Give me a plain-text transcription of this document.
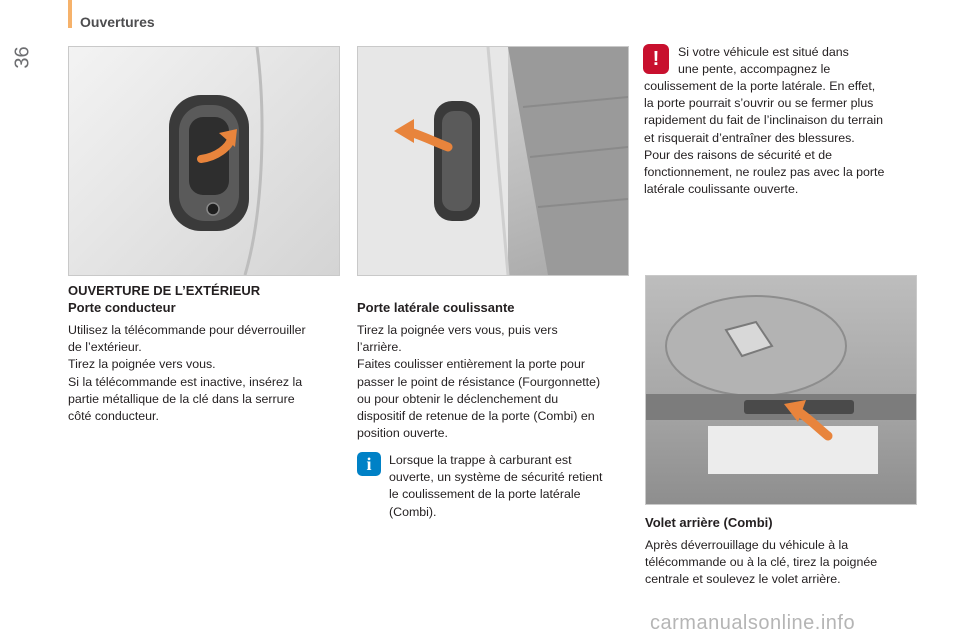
36
Ouvertures
OUVERTURE DE L’EXTÉRIEUR
Porte conducteur
Utilisez la télécommande pour déverrouiller
de l’extérieur.
Tirez la poignée vers vous.
Si la télécommande est inactive, insérez la
partie métallique de la clé dans la serrure
côté conducteur.
Porte latérale coulissante
Tirez la poignée vers vous, puis vers
l’arrière.
Faites coulisser entièrement la porte pour
passer le point de résistance (Fourgonnette)
ou pour obtenir le déclenchement du
dispositif de retenue de la porte (Combi) en
position ouverte.
i	Lorsque la trappe à carburant est
ouverte, un système de sécurité retient
le coulissement de la porte latérale
(Combi).
!	Si votre véhicule est situé dans
une pente, accompagnez le
coulissement de la porte latérale. En effet,
la porte pourrait s’ouvrir ou se fermer plus
rapidement du fait de l’inclinaison du terrain
et risquerait d’entraîner des blessures.
Pour des raisons de sécurité et de
fonctionnement, ne roulez pas avec la porte
latérale coulissante ouverte.
Volet arrière (Combi)
Après déverrouillage du véhicule à la
télécommande ou à la clé, tirez la poignée
centrale et soulevez le volet arrière.
carmanualsonline.info
